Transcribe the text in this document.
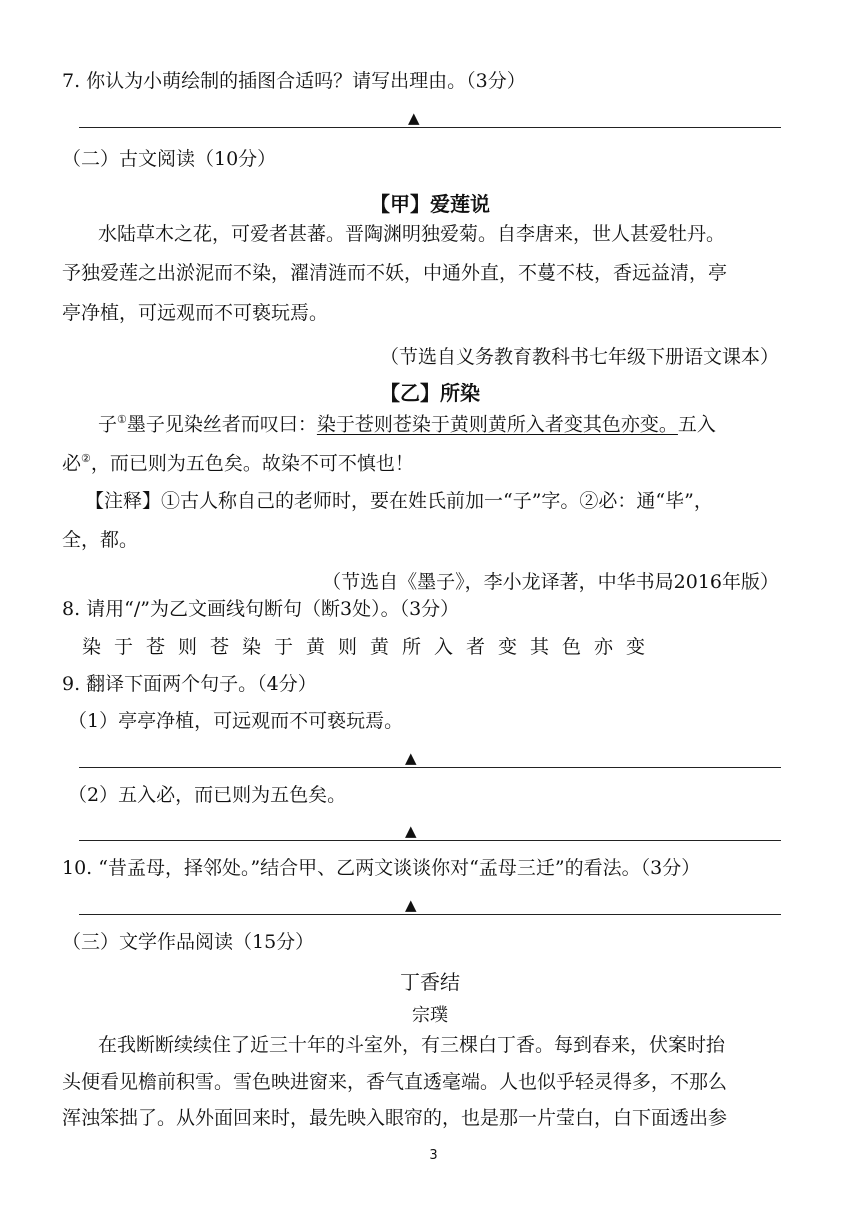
7. 你认为小萌绘制的插图合适吗？请写出理由。（3分）
▲
（二）古文阅读（10分）
【甲】爱莲说
水陆草木之花，可爱者甚蕃。晋陶渊明独爱菊。自李唐来，世人甚爱牡丹。
予独爱莲之出淤泥而不染，濯清涟而不妖，中通外直，不蔓不枝，香远益清，亭
亭净植，可远观而不可亵玩焉。
（节选自义务教育教科书七年级下册语文课本）
【乙】所染
子①墨子见染丝者而叹曰：染于苍则苍染于黄则黄所入者变其色亦变。五入
必②，而已则为五色矣。故染不可不慎也！
【注释】①古人称自己的老师时，要在姓氏前加一“子”字。②必：通“毕”，
全，都。
（节选自《墨子》，李小龙译著，中华书局2016年版）
8. 请用“/”为乙文画线句断句（断3处）。（3分）
染于苍则苍染于黄则黄所入者变其色亦变
9. 翻译下面两个句子。（4分）
（1）亭亭净植，可远观而不可亵玩焉。
▲
（2）五入必，而已则为五色矣。
▲
10. “昔孟母，择邻处。”结合甲、乙两文谈谈你对“孟母三迁”的看法。（3分）
▲
（三）文学作品阅读（15分）
丁香结
宗璞
在我断断续续住了近三十年的斗室外，有三棵白丁香。每到春来，伏案时抬
头便看见檐前积雪。雪色映进窗来，香气直透毫端。人也似乎轻灵得多，不那么
浑浊笨拙了。从外面回来时，最先映入眼帘的，也是那一片莹白，白下面透出参
3
